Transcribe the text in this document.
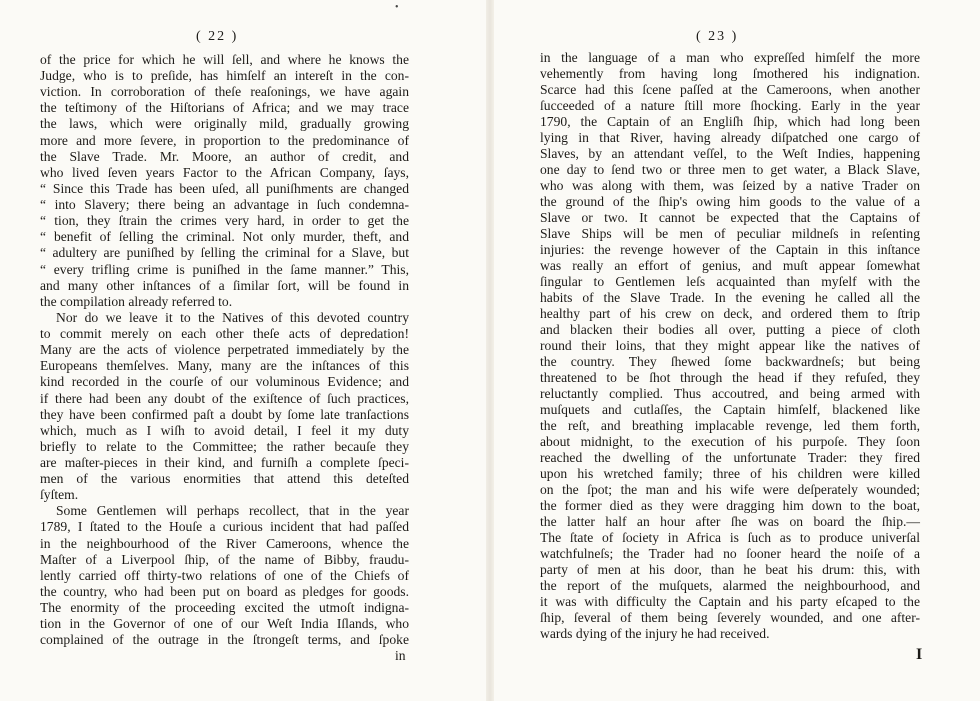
•
( 22 )
of the price for which he will ſell, and where he knows the
Judge, who is to preſide, has himſelf an intereſt in the con-
viction. In corroboration of theſe reaſonings, we have again
the teſtimony of the Hiſtorians of Africa; and we may trace
the laws, which were originally mild, gradually growing
more and more ſevere, in proportion to the predominance of
the Slave Trade. Mr. Moore, an author of credit, and
who lived ſeven years Factor to the African Company, ſays,
“ Since this Trade has been uſed, all puniſhments are changed
“ into Slavery; there being an advantage in ſuch condemna-
“ tion, they ſtrain the crimes very hard, in order to get the
“ benefit of ſelling the criminal. Not only murder, theft, and
“ adultery are puniſhed by ſelling the criminal for a Slave, but
“ every trifling crime is puniſhed in the ſame manner.” This,
and many other inſtances of a ſimilar ſort, will be found in
the compilation already referred to.
Nor do we leave it to the Natives of this devoted country
to commit merely on each other theſe acts of depredation!
Many are the acts of violence perpetrated immediately by the
Europeans themſelves. Many, many are the inſtances of this
kind recorded in the courſe of our voluminous Evidence; and
if there had been any doubt of the exiſtence of ſuch practices,
they have been confirmed paſt a doubt by ſome late tranſactions
which, much as I wiſh to avoid detail, I feel it my duty
briefly to relate to the Committee; the rather becauſe they
are maſter-pieces in their kind, and furniſh a complete ſpeci-
men of the various enormities that attend this deteſted
ſyſtem.
Some Gentlemen will perhaps recollect, that in the year
1789, I ſtated to the Houſe a curious incident that had paſſed
in the neighbourhood of the River Cameroons, whence the
Maſter of a Liverpool ſhip, of the name of Bibby, fraudu-
lently carried off thirty-two relations of one of the Chiefs of
the country, who had been put on board as pledges for goods.
The enormity of the proceeding excited the utmoſt indigna-
tion in the Governor of one of our Weſt India Iſlands, who
complained of the outrage in the ſtrongeſt terms, and ſpoke
in
( 23 )
in the language of a man who expreſſed himſelf the more
vehemently from having long ſmothered his indignation.
Scarce had this ſcene paſſed at the Cameroons, when another
ſucceeded of a nature ſtill more ſhocking. Early in the year
1790, the Captain of an Engliſh ſhip, which had long been
lying in that River, having already diſpatched one cargo of
Slaves, by an attendant veſſel, to the Weſt Indies, happening
one day to ſend two or three men to get water, a Black Slave,
who was along with them, was ſeized by a native Trader on
the ground of the ſhip's owing him goods to the value of a
Slave or two. It cannot be expected that the Captains of
Slave Ships will be men of peculiar mildneſs in reſenting
injuries: the revenge however of the Captain in this inſtance
was really an effort of genius, and muſt appear ſomewhat
ſingular to Gentlemen leſs acquainted than myſelf with the
habits of the Slave Trade. In the evening he called all the
healthy part of his crew on deck, and ordered them to ſtrip
and blacken their bodies all over, putting a piece of cloth
round their loins, that they might appear like the natives of
the country. They ſhewed ſome backwardneſs; but being
threatened to be ſhot through the head if they refuſed, they
reluctantly complied. Thus accoutred, and being armed with
muſquets and cutlaſſes, the Captain himſelf, blackened like
the reſt, and breathing implacable revenge, led them forth,
about midnight, to the execution of his purpoſe. They ſoon
reached the dwelling of the unfortunate Trader: they fired
upon his wretched family; three of his children were killed
on the ſpot; the man and his wife were deſperately wounded;
the former died as they were dragging him down to the boat,
the latter half an hour after ſhe was on board the ſhip.—
The ſtate of ſociety in Africa is ſuch as to produce univerſal
watchfulneſs; the Trader had no ſooner heard the noiſe of a
party of men at his door, than he beat his drum: this, with
the report of the muſquets, alarmed the neighbourhood, and
it was with difficulty the Captain and his party eſcaped to the
ſhip, ſeveral of them being ſeverely wounded, and one after-
wards dying of the injury he had received.
I
